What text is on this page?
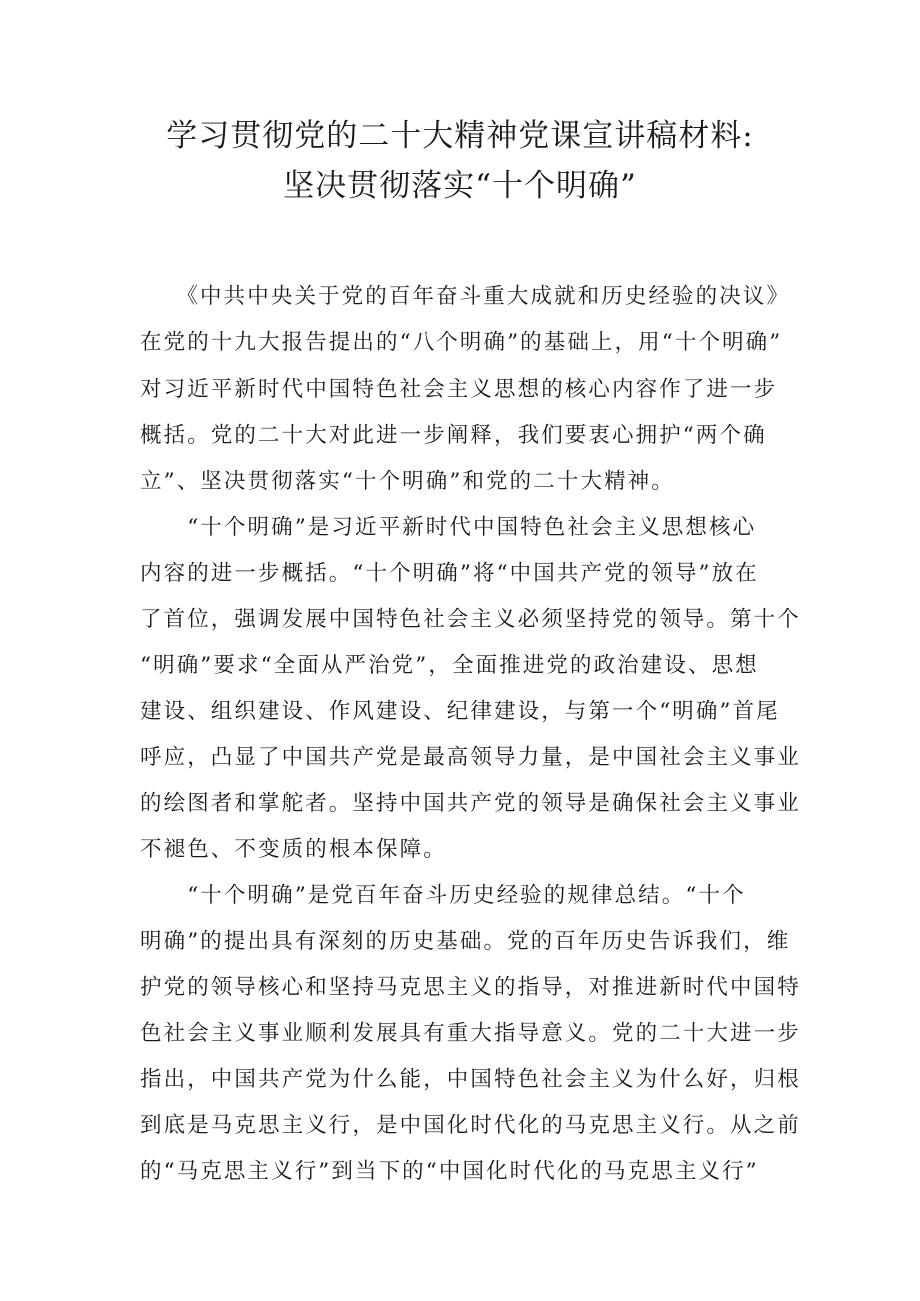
学习贯彻党的二十大精神党课宣讲稿材料:
坚决贯彻落实“十个明确”
　　《中共中央关于党的百年奋斗重大成就和历史经验的决议》
在党的十九大报告提出的“八个明确”的基础上，用“十个明确”
对习近平新时代中国特色社会主义思想的核心内容作了进一步
概括。党的二十大对此进一步阐释，我们要衷心拥护“两个确
立”、坚决贯彻落实“十个明确”和党的二十大精神。
　　“十个明确”是习近平新时代中国特色社会主义思想核心
内容的进一步概括。“十个明确”将“中国共产党的领导”放在
了首位，强调发展中国特色社会主义必须坚持党的领导。第十个
“明确”要求“全面从严治党”，全面推进党的政治建设、思想
建设、组织建设、作风建设、纪律建设，与第一个“明确”首尾
呼应，凸显了中国共产党是最高领导力量，是中国社会主义事业
的绘图者和掌舵者。坚持中国共产党的领导是确保社会主义事业
不褪色、不变质的根本保障。
　　“十个明确”是党百年奋斗历史经验的规律总结。“十个
明确”的提出具有深刻的历史基础。党的百年历史告诉我们，维
护党的领导核心和坚持马克思主义的指导，对推进新时代中国特
色社会主义事业顺利发展具有重大指导意义。党的二十大进一步
指出，中国共产党为什么能，中国特色社会主义为什么好，归根
到底是马克思主义行，是中国化时代化的马克思主义行。从之前
的“马克思主义行”到当下的“中国化时代化的马克思主义行”
